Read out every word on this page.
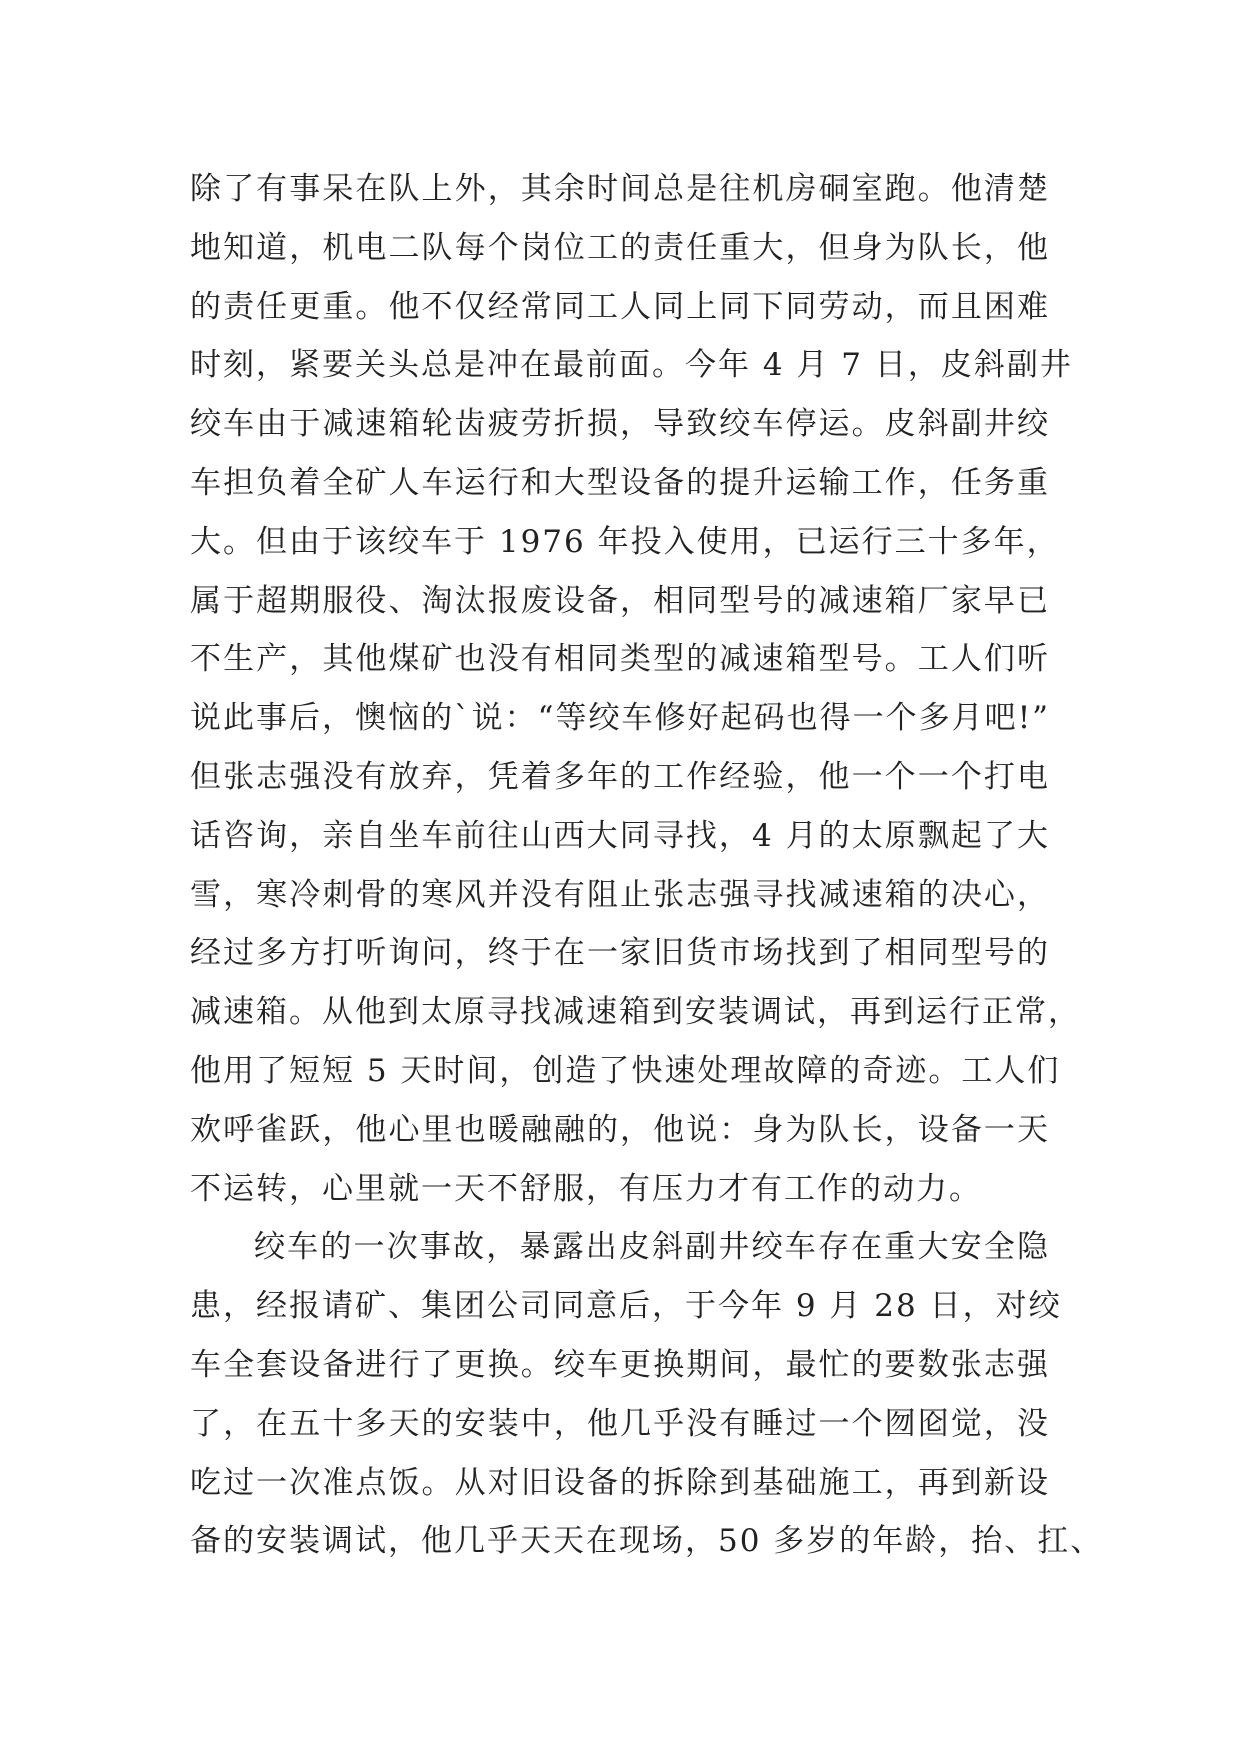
除了有事呆在队上外，其余时间总是往机房硐室跑。他清楚
地知道，机电二队每个岗位工的责任重大，但身为队长，他
的责任更重。他不仅经常同工人同上同下同劳动，而且困难
时刻，紧要关头总是冲在最前面。今年 4 月 7 日，皮斜副井
绞车由于减速箱轮齿疲劳折损，导致绞车停运。皮斜副井绞
车担负着全矿人车运行和大型设备的提升运输工作，任务重
大。但由于该绞车于 1976 年投入使用，已运行三十多年，
属于超期服役、淘汰报废设备，相同型号的减速箱厂家早已
不生产，其他煤矿也没有相同类型的减速箱型号。工人们听
说此事后，懊恼的`说：“等绞车修好起码也得一个多月吧!”
但张志强没有放弃，凭着多年的工作经验，他一个一个打电
话咨询，亲自坐车前往山西大同寻找，4 月的太原飘起了大
雪，寒冷刺骨的寒风并没有阻止张志强寻找减速箱的决心，
经过多方打听询问，终于在一家旧货市场找到了相同型号的
减速箱。从他到太原寻找减速箱到安装调试，再到运行正常，
他用了短短 5 天时间，创造了快速处理故障的奇迹。工人们
欢呼雀跃，他心里也暖融融的，他说：身为队长，设备一天
不运转，心里就一天不舒服，有压力才有工作的动力。
绞车的一次事故，暴露出皮斜副井绞车存在重大安全隐
患，经报请矿、集团公司同意后，于今年 9 月 28 日，对绞
车全套设备进行了更换。绞车更换期间，最忙的要数张志强
了，在五十多天的安装中，他几乎没有睡过一个囫囵觉，没
吃过一次准点饭。从对旧设备的拆除到基础施工，再到新设
备的安装调试，他几乎天天在现场，50 多岁的年龄，抬、扛、
